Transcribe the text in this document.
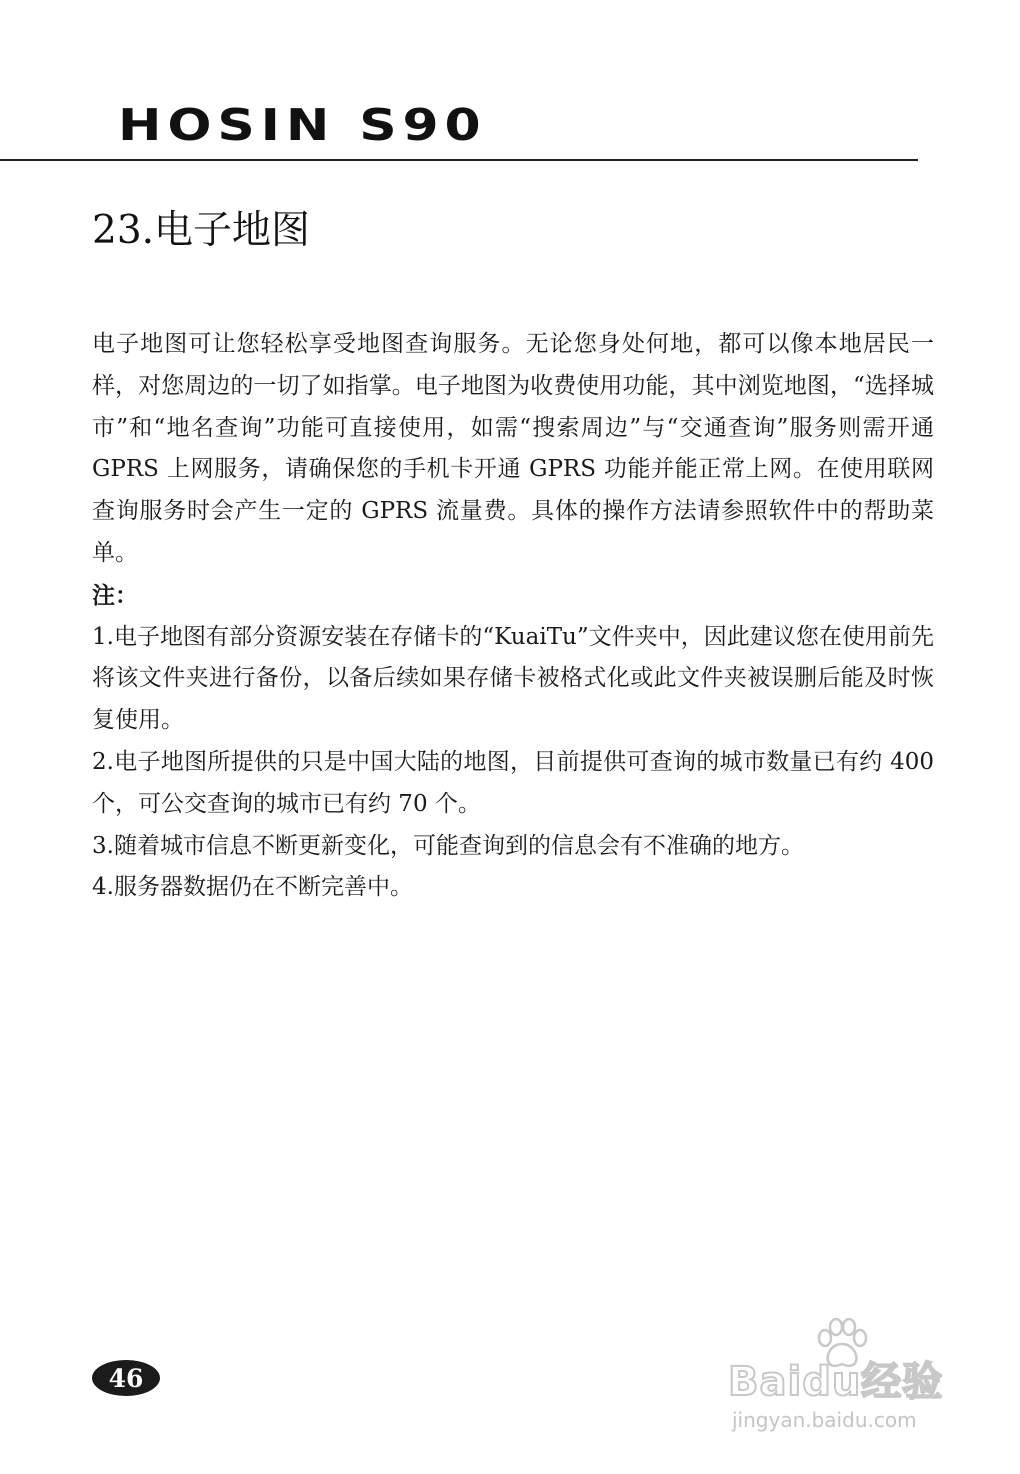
HOSIN S90
23.电子地图

电子地图可让您轻松享受地图查询服务。无论您身处何地，都可以像本地居民一样，对您周边的一切了如指掌。电子地图为收费使用功能，其中浏览地图，“选择城市”和“地名查询”功能可直接使用，如需“搜索周边”与“交通查询”服务则需开通 GPRS 上网服务，请确保您的手机卡开通 GPRS 功能并能正常上网。在使用联网查询服务时会产生一定的 GPRS 流量费。具体的操作方法请参照软件中的帮助菜单。

注：

1.电子地图有部分资源安装在存储卡的“KuaiTu”文件夹中，因此建议您在使用前先将该文件夹进行备份，以备后续如果存储卡被格式化或此文件夹被误删后能及时恢复使用。

2.电子地图所提供的只是中国大陆的地图，目前提供可查询的城市数量已有约 400 个，可公交查询的城市已有约 70 个。

3.随着城市信息不断更新变化，可能查询到的信息会有不准确的地方。

4.服务器数据仍在不断完善中。

46	Baidu经验
jingyan.baidu.com
